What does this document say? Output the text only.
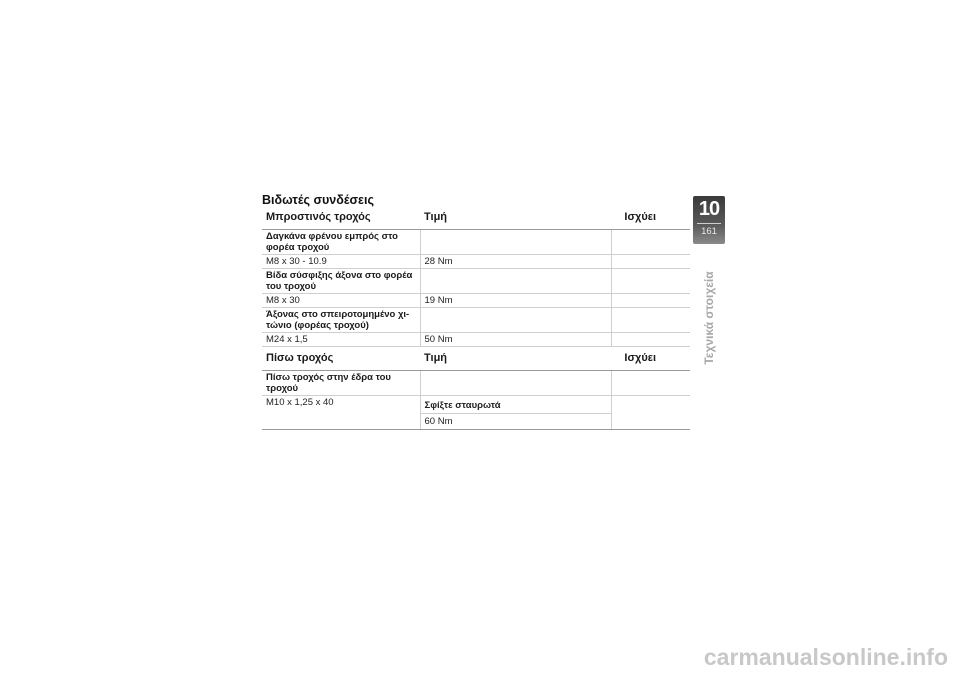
Βιδωτές συνδέσεις
Μπροστινός τροχός	Τιμή	Ισχύει
Δαγκάνα φρένου εμπρός στο φορέα τροχού		
M8 x 30 - 10.9	28 Nm	
Βίδα σύσφιξης άξονα στο φορέα του τροχού		
M8 x 30	19 Nm	
Άξονας στο σπειροτομημένο χι-τώνιο (φορέας τροχού)		
M24 x 1,5	50 Nm	
Πίσω τροχός	Τιμή	Ισχύει
Πίσω τροχός στην έδρα του τροχού		
M10 x 1,25 x 40	Σφίξτε σταυρωτά	
	60 Nm	
10
161
Τεχνικά στοιχεία
carmanualsonline.info
